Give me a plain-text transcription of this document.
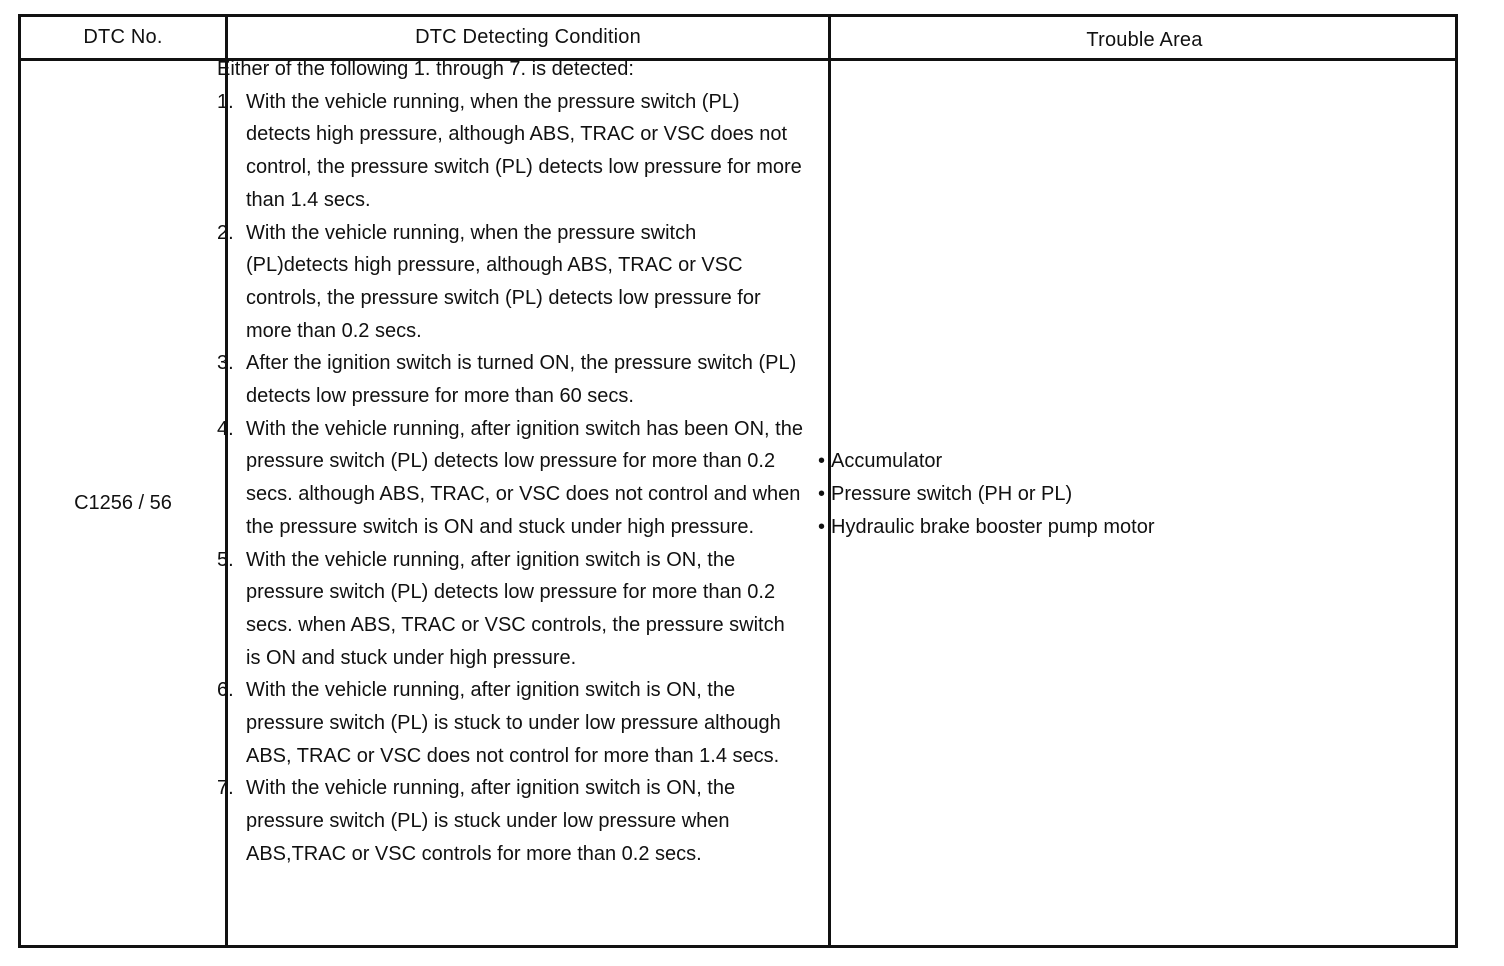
DTC No.	DTC Detecting Condition	Trouble Area
C1256 / 56
Either of the following 1. through 7. is detected:
1. With the vehicle running, when the pressure switch (PL) detects high pressure, although ABS, TRAC or VSC does not control, the pressure switch (PL) detects low pressure for more than 1.4 secs.
2. With the vehicle running, when the pressure switch (PL)detects high pressure, although ABS, TRAC or VSC controls, the pressure switch (PL) detects low pressure for more than 0.2 secs.
3. After the ignition switch is turned ON, the pressure switch (PL) detects low pressure for more than 60 secs.
4. With the vehicle running, after ignition switch has been ON, the pressure switch (PL) detects low pressure for more than 0.2 secs. although ABS, TRAC, or VSC does not control and when the pressure switch is ON and stuck under high pressure.
5. With the vehicle running, after ignition switch is ON, the pressure switch (PL) detects low pressure for more than 0.2 secs. when ABS, TRAC or VSC controls, the pressure switch is ON and stuck under high pressure.
6. With the vehicle running, after ignition switch is ON, the pressure switch (PL) is stuck to under low pressure although ABS, TRAC or VSC does not control for more than 1.4 secs.
7. With the vehicle running, after ignition switch is ON, the pressure switch (PL) is stuck under low pressure when ABS,TRAC or VSC controls for more than 0.2 secs.
• Accumulator
• Pressure switch (PH or PL)
• Hydraulic brake booster pump motor
